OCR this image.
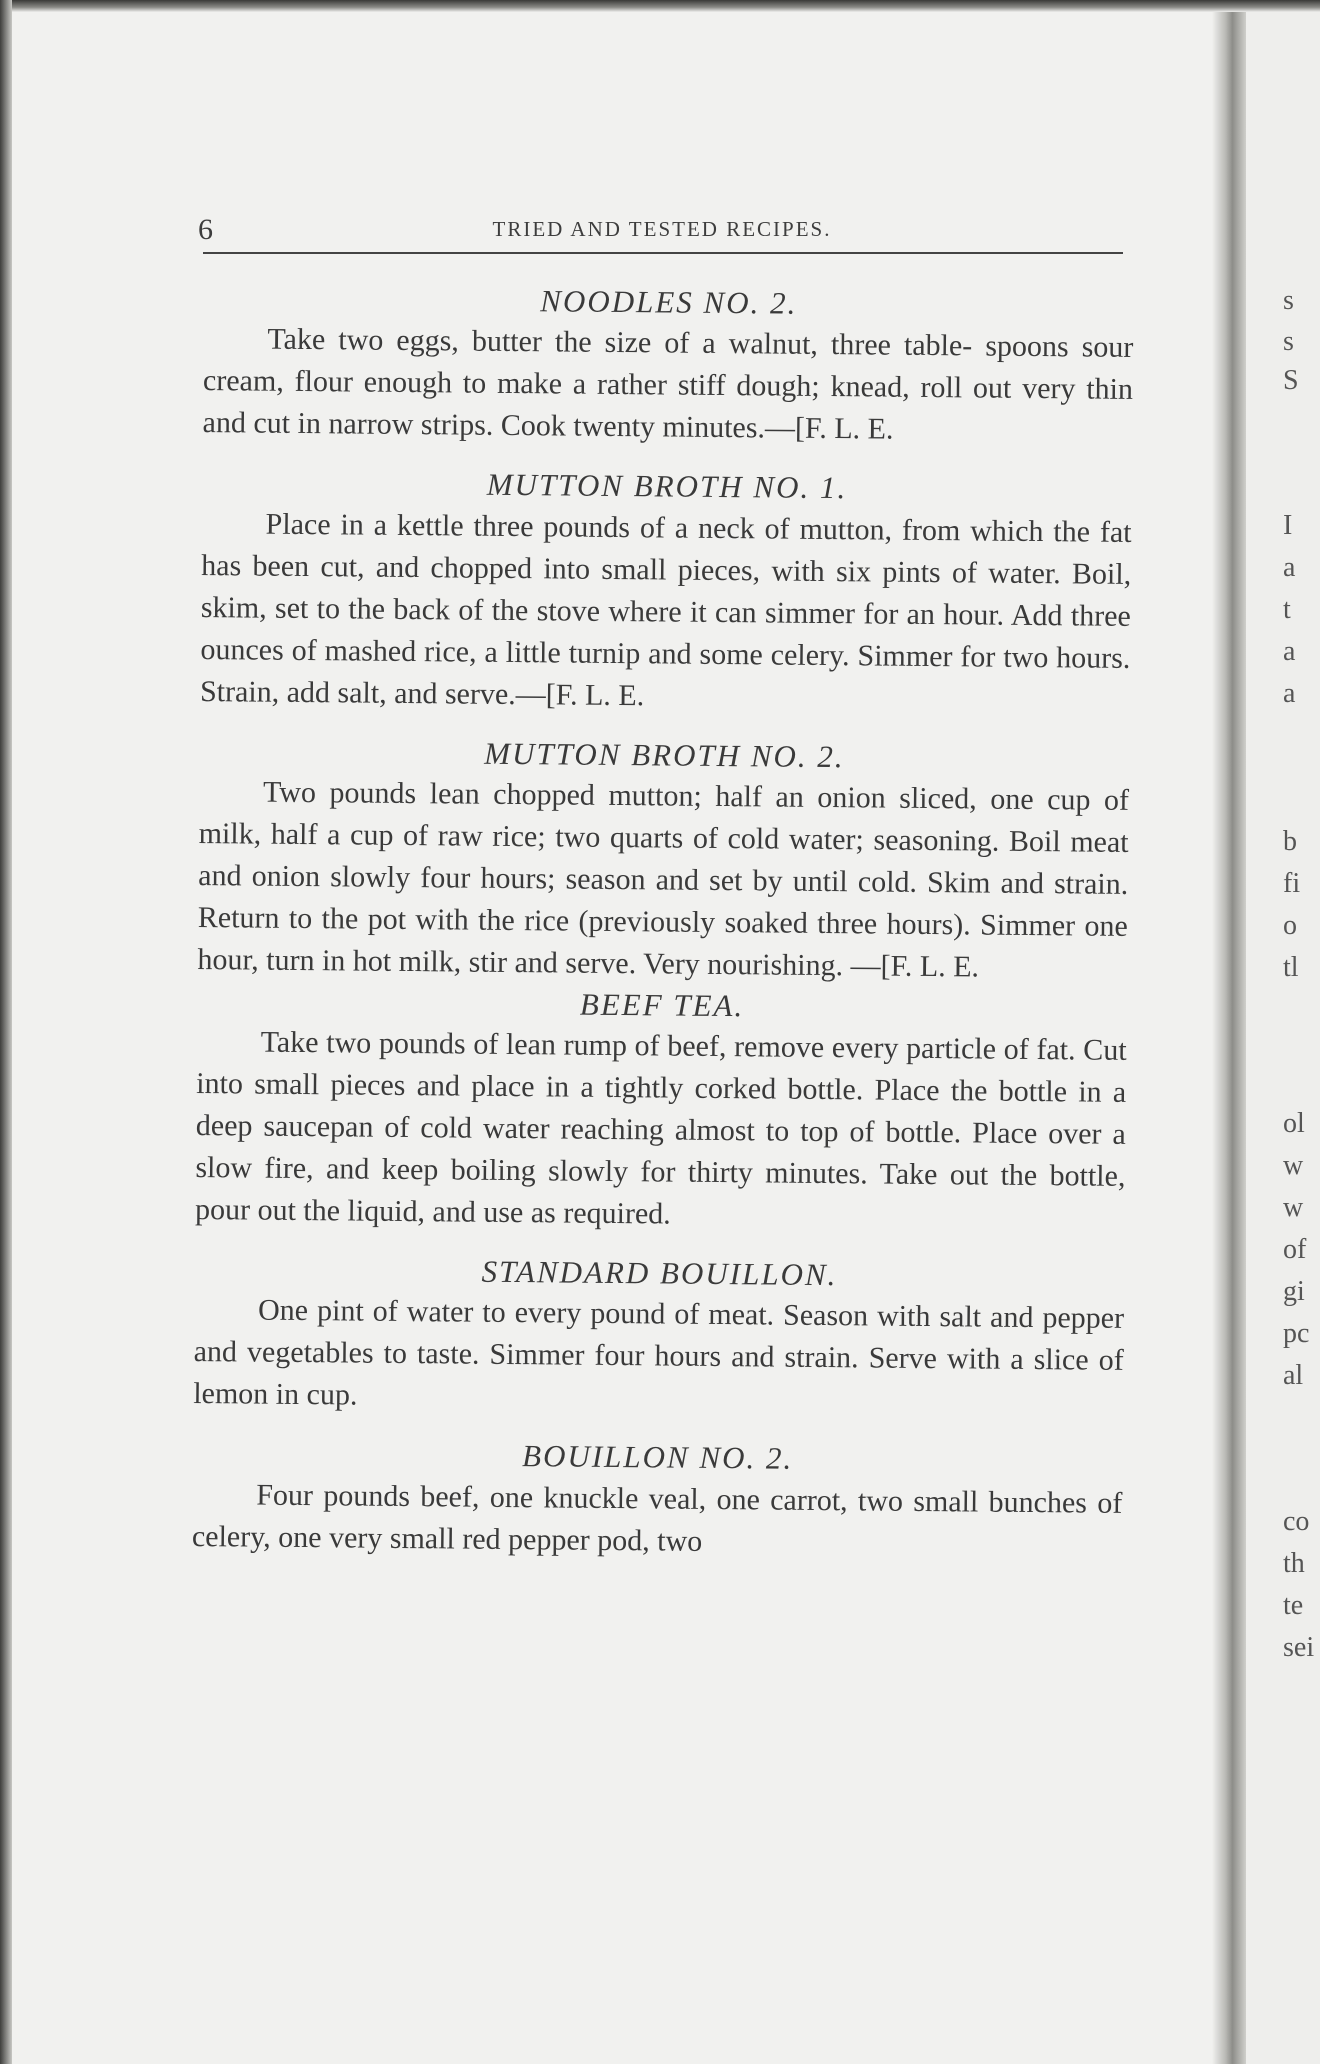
s
s
S
I
a
t
a
a
b
fi
o
tl
ol
w
w
of
gi
pc
al
co
th
te
sei
6	TRIED AND TESTED RECIPES.
NOODLES NO. 2.

Take two eggs, butter the size of a walnut, three table- spoons sour cream, flour enough to make a rather stiff dough; knead, roll out very thin and cut in narrow strips. Cook twenty minutes.—[F. L. E.

MUTTON BROTH NO. 1.

Place in a kettle three pounds of a neck of mutton, from which the fat has been cut, and chopped into small pieces, with six pints of water. Boil, skim, set to the back of the stove where it can simmer for an hour. Add three ounces of mashed rice, a little turnip and some celery. Simmer for two hours. Strain, add salt, and serve.—[F. L. E.

MUTTON BROTH NO. 2.

Two pounds lean chopped mutton; half an onion sliced, one cup of milk, half a cup of raw rice; two quarts of cold water; seasoning. Boil meat and onion slowly four hours; season and set by until cold. Skim and strain. Return to the pot with the rice (previously soaked three hours). Simmer one hour, turn in hot milk, stir and serve. Very nourishing. —[F. L. E.

BEEF TEA.

Take two pounds of lean rump of beef, remove every particle of fat. Cut into small pieces and place in a tightly corked bottle. Place the bottle in a deep saucepan of cold water reaching almost to top of bottle. Place over a slow fire, and keep boiling slowly for thirty minutes. Take out the bottle, pour out the liquid, and use as required.

STANDARD BOUILLON.

One pint of water to every pound of meat. Season with salt and pepper and vegetables to taste. Simmer four hours and strain. Serve with a slice of lemon in cup.

BOUILLON NO. 2.

Four pounds beef, one knuckle veal, one carrot, two small bunches of celery, one very small red pepper pod, two
